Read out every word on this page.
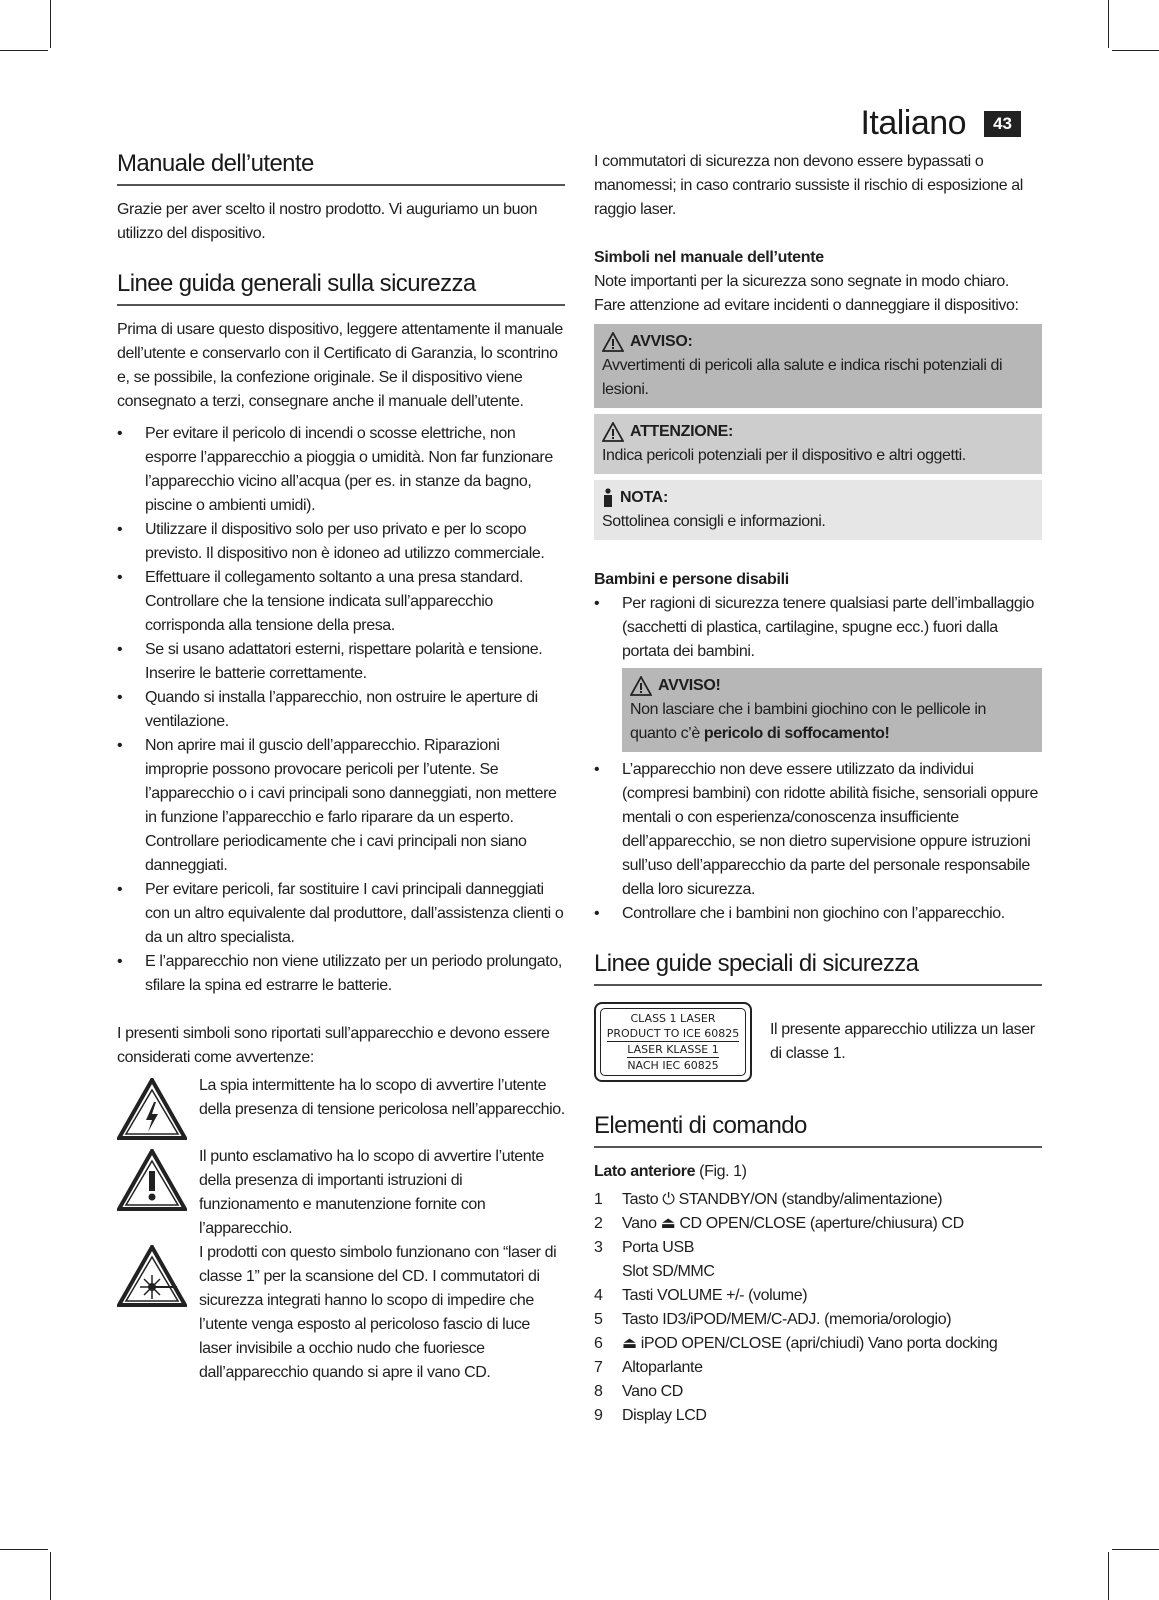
Italiano	43
Manuale dell’utente

Grazie per aver scelto il nostro prodotto. Vi auguriamo un buon utilizzo del dispositivo.

Linee guida generali sulla sicurezza

Prima di usare questo dispositivo, leggere attentamente il manuale dell’utente e conservarlo con il Certificato di Garanzia, lo scontrino e, se possibile, la confezione originale. Se il dispositivo viene consegnato a terzi, consegnare anche il manuale dell’utente.

• Per evitare il pericolo di incendi o scosse elettriche, non esporre l’apparecchio a pioggia o umidità. Non far funzionare l’apparecchio vicino all’acqua (per es. in stanze da bagno, piscine o ambienti umidi).
• Utilizzare il dispositivo solo per uso privato e per lo scopo previsto. Il dispositivo non è idoneo ad utilizzo commerciale.
• Effettuare il collegamento soltanto a una presa standard. Controllare che la tensione indicata sull’apparecchio corrisponda alla tensione della presa.
• Se si usano adattatori esterni, rispettare polarità e tensione. Inserire le batterie correttamente.
• Quando si installa l’apparecchio, non ostruire le aperture di ventilazione.
• Non aprire mai il guscio dell’apparecchio. Riparazioni improprie possono provocare pericoli per l’utente. Se l’apparecchio o i cavi principali sono danneggiati, non mettere in funzione l’apparecchio e farlo riparare da un esperto. Controllare periodicamente che i cavi principali non siano danneggiati.
• Per evitare pericoli, far sostituire I cavi principali danneggiati con un altro equivalente dal produttore, dall’assistenza clienti o da un altro specialista.
• E l’apparecchio non viene utilizzato per un periodo prolungato, sfilare la spina ed estrarre le batterie.

I presenti simboli sono riportati sull’apparecchio e devono essere considerati come avvertenze:

La spia intermittente ha lo scopo di avvertire l’utente della presenza di tensione pericolosa nell’apparecchio.

Il punto esclamativo ha lo scopo di avvertire l’utente della presenza di importanti istruzioni di funzionamento e manutenzione fornite con l’apparecchio.

I prodotti con questo simbolo funzionano con “laser di classe 1” per la scansione del CD. I commutatori di sicurezza integrati hanno lo scopo di impedire che l’utente venga esposto al pericoloso fascio di luce laser invisibile a occhio nudo che fuoriesce dall’apparecchio quando si apre il vano CD.

I commutatori di sicurezza non devono essere bypassati o manomessi; in caso contrario sussiste il rischio di esposizione al raggio laser.

Simboli nel manuale dell’utente

Note importanti per la sicurezza sono segnate in modo chiaro. Fare attenzione ad evitare incidenti o danneggiare il dispositivo:

AVVISO:

Avvertimenti di pericoli alla salute e indica rischi potenziali di lesioni.

ATTENZIONE:

Indica pericoli potenziali per il dispositivo e altri oggetti.

NOTA:

Sottolinea consigli e informazioni.

Bambini e persone disabili

• Per ragioni di sicurezza tenere qualsiasi parte dell’imballaggio (sacchetti di plastica, cartilagine, spugne ecc.) fuori dalla portata dei bambini.
AVVISO!

Non lasciare che i bambini giochino con le pellicole in quanto c’è pericolo di soffocamento!

• L’apparecchio non deve essere utilizzato da individui (compresi bambini) con ridotte abilità fisiche, sensoriali oppure mentali o con esperienza/conoscenza insufficiente dell’apparecchio, se non dietro supervisione oppure istruzioni sull’uso dell’apparecchio da parte del personale responsabile della loro sicurezza.
• Controllare che i bambini non giochino con l’apparecchio.
Linee guide speciali di sicurezza
CLASS 1 LASER
PRODUCT TO ICE 60825
LASER KLASSE 1
NACH IEC 60825

Il presente apparecchio utilizza un laser di classe 1.

Elementi di comando

Lato anteriore (Fig. 1)

1	Tasto ⏻ STANDBY/ON (standby/alimentazione)
2	Vano ⏏ CD OPEN/CLOSE (aperture/chiusura) CD
3	Porta USB
Slot SD/MMC
4	Tasti VOLUME +/- (volume)
5	Tasto ID3/iPOD/MEM/C-ADJ. (memoria/orologio)
6	⏏ iPOD OPEN/CLOSE (apri/chiudi) Vano porta docking
7	Altoparlante
8	Vano CD
9	Display LCD
